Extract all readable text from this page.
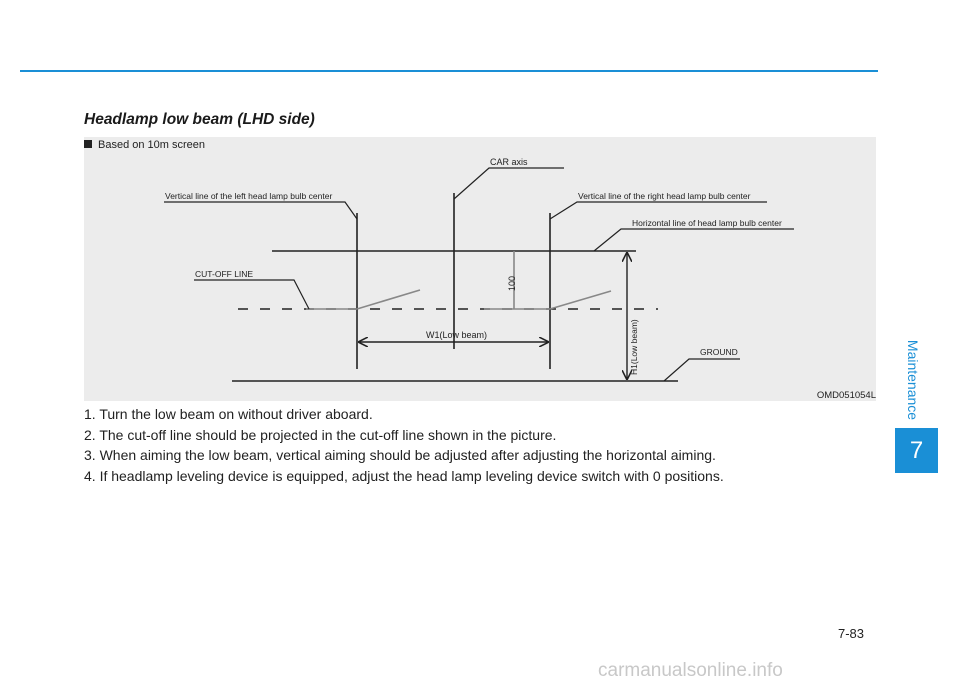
Headlamp low beam (LHD side)
Based on 10m screen
CAR axis
Vertical line of the left head lamp bulb center	Vertical line of the right head lamp bulb center
Horizontal line of head lamp bulb center
CUT-OFF LINE
GROUND
W1(Low beam)	H1(Low beam)
100
OMD051054L
1. Turn the low beam on without driver aboard.
2. The cut-off line should be projected in the cut-off line shown in the picture.
3. When aiming the low beam, vertical aiming should be adjusted after adjusting the horizontal aiming.
4. If headlamp leveling device is equipped, adjust the head lamp leveling device switch with 0 positions.
Maintenance
7
7-83
carmanualsonline.info
